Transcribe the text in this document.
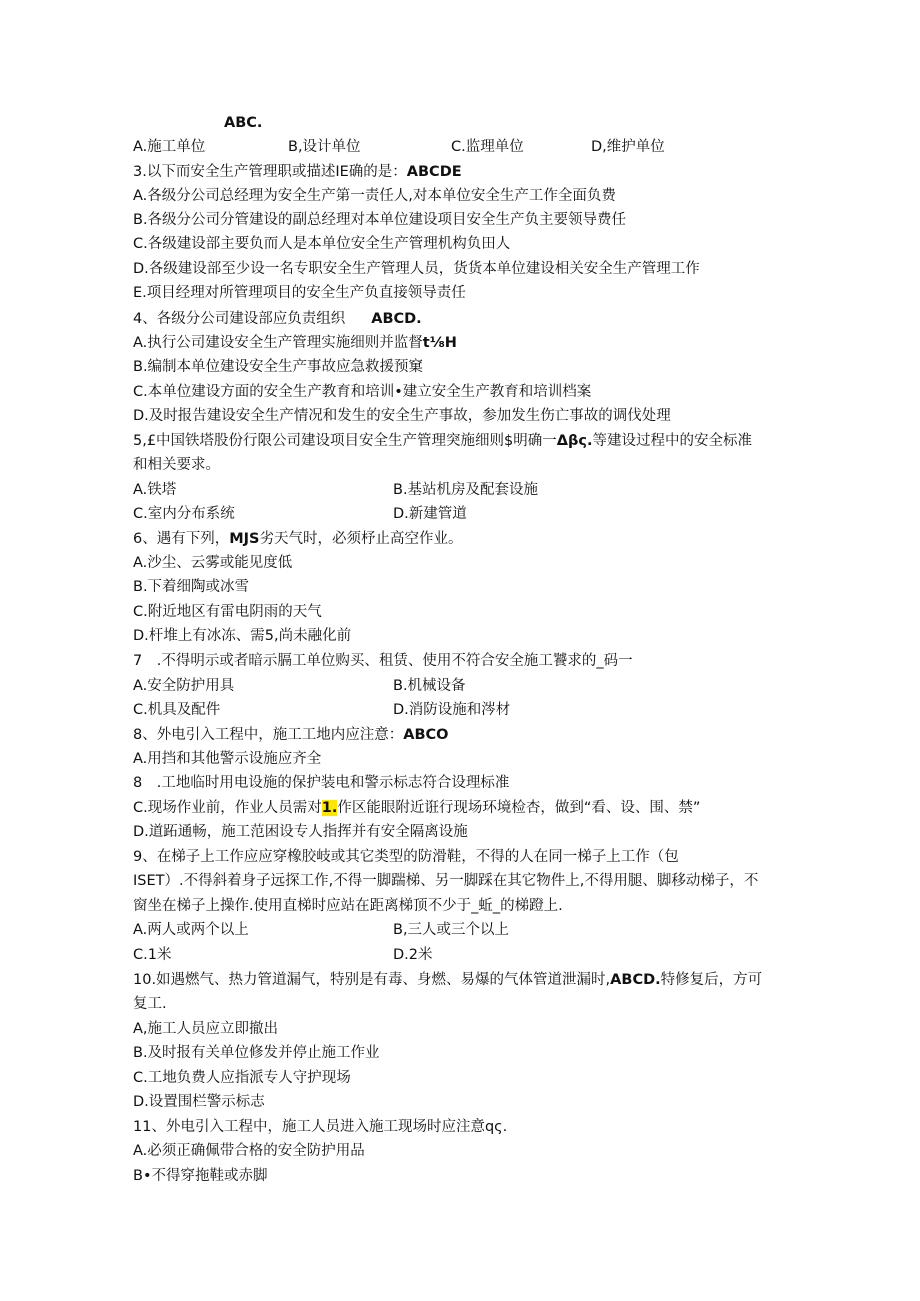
ABC.
A.施工单位	B,设计单位	C.监理单位	D,维护单位
3.以下而安全生产管理职或描述IE确的是：ABCDE
A.各级分公司总经理为安全生产第一责任人,对本单位安全生产工作全面负费
B.各级分公司分管建设的副总经理对本单位建设项目安全生产负主要领导费任
C.各级建设部主要负而人是本单位安全生产管理机构负田人
D.各级建设部至少设一名专职安全生产管理人员，货货本单位建设相关安全生产管理工作
E.项目经理对所管理项目的安全生产负直接领导责任
4、各级分公司建设部应负责组织 ABCD.
A.执行公司建设安全生产管理实施细则并监督t⅛H
B.编制本单位建设安全生产事故应急救援预窠
C.本单位建设方面的安全生产教育和培训•建立安全生产教育和培训档案
D.及时报告建设安全生产情况和发生的安全生产事故，参加发生伤亡事故的调伐处理
5,£中国铁塔股份行限公司建设项目安全生产管理突施细则$明确一Δβς.等建设过程中的安全标准
和相关要求。
A.铁塔	B.基站机房及配套设施
C.室内分布系统	D.新建管道
6、遇有下列，MJS劣天气时，必须杼止高空作业。
A.沙尘、云雾或能见度低
B.下着细陶或冰雪
C.附近地区有雷电阴雨的天气
D.杆堆上有冰冻、需5,尚未融化前
7　.不得明示或者暗示膈工单位购买、租赁、使用不符合安全施工饕求的_码一
A.安全防护用具	B.机械设备
C.机具及配件	D.消防设施和涔材
8、外电引入工程中，施工工地内应注意：ABCO
A.用挡和其他警示设施应齐全
8　.工地临时用电设施的保护装电和警示标志符合设理标准
C.现场作业前，作业人员需对1.作区能眼附近诳行现场环境检杏，做到“看、设、围、禁”
D.道跖通畅，施工范困设专人指挥并有安全隔离设施
9、在梯子上工作应应穿橡胶岐或其它类型的防滑鞋，不得的人在同一梯子上工作（包
ISET）.不得斜着身子远探工作,不得一脚踹梯、另一脚踩在其它物件上,不得用腿、脚移动梯子，不
窗坐在梯子上操作.使用直梯时应站在距离梯顶不少于_蚯_的梯蹬上.
A.两人或两个以上	B,三人或三个以上
C.1米	D.2米
10.如遇燃气、热力管道漏气，特别是有毒、身燃、易爆的气体管道泄漏时,ABCD.特修复后，方可
复工.
A,施工人员应立即撤出
B.及时报有关单位修发并停止施工作业
C.工地负费人应指派专人守护现场
D.设置围栏警示标志
11、外电引入工程中，施工人员进入施工现场时应注意qς.
A.必须正确佩带合格的安全防护用品
B•不得穿拖鞋或赤脚
